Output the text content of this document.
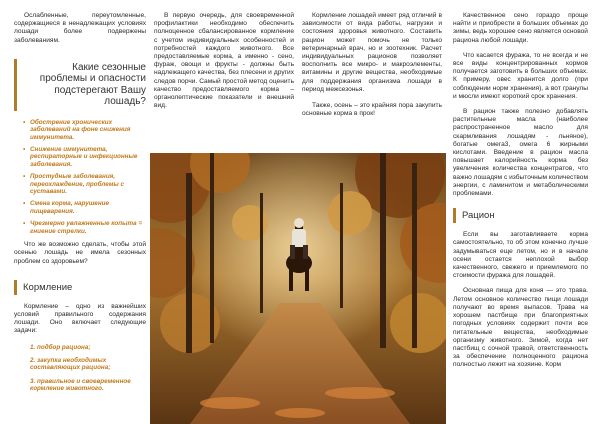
Ослабленные, переутомленные, содержащиеся в ненадлежащих условиях лошади более подвержены заболеваниям.

Какие сезонные проблемы и опасности подстерегают Вашу лошадь?
• Обострение хронических заболеваний на фоне снижения иммунитета.
• Снижение иммунитета, респираторные и инфекционные заболевания.
• Простудные заболевания, переохлаждение, проблемы с суставами.
• Смена корма, нарушение пищеварения.
• Чрезмерно увлажненные копыта = гниение стрелки.

Что же возможно сделать, чтобы этой осенью лошадь не имела сезонных проблем со здоровьем?

Кормление

Кормление – одно из важнейших условий правильного содержания лошади. Оно включает следующие задачи:

1. подбор рациона;

2. закупка необходимых составляющих рациона;

3. правильное и своевременное кормление животного.

В первую очередь, для своевременной профилактики необходимо обеспечить полноценное сбалансированное кормление с учетом индивидуальных особенностей и потребностей каждого животного. Все предоставляемые корма, а именно - сено, фураж, овощи и фрукты - должны быть надлежащего качества, без плесени и других следов порчи. Самый простой метод оценить качество предоставляемого корма – органолептические показатели и внешний вид.

Кормление лошадей имеет ряд отличий в зависимости от вида работы, нагрузки и состояния здоровья животного. Составить рацион может помочь не только ветеринарный врач, но и зоотехник. Расчет индивидуальных рационов позволяет восполнить все микро- и макроэлементы, витамины и другие вещества, необходимые для поддержания организма лошади в период межсезонья.

Также, осень – это крайняя пора закупить основные корма в прок!

Качественное сено гораздо проще найти и приобрести в больших объемах до зимы, ведь хорошее сено является основой рациона любой лошади.

Что касается фуража, то не всегда и не все виды концентрированных кормов получается заготовить в больших объемах. К примеру, овес хранится долго (при соблюдении норм хранения), а вот гранулы и мюсли имеют короткий срок хранения.

В рацион также полезно добавлять растительные масла (наиболее распространенное масло для скармливания лошадям - льняное), богатые омега3, омега 6 жирными кислотами. Введение в рацион масла повышает калорийность корма без увеличения количества концентратов, что важно лошадям с избыточным количеством энергии, с ламинитом и метаболическими проблемами.

Рацион

Если вы заготавливаете корма самостоятельно, то об этом конечно лучше задумываться еще летом, но и в начале осени остается неплохой выбор качественного, свежего и приемлемого по стоимости фуража для лошадей.

Основная пища для коня — это трава. Летом основное количество пищи лошади получают во время выпасов. Трава на хорошем пастбище при благоприятных погодных условиях содержит почти все питательные вещества, необходимые организму животного. Зимой, когда нет пастбищ с сочной травой, ответственность за обеспечение полноценного рациона полностью лежит на хозяине. Корм
